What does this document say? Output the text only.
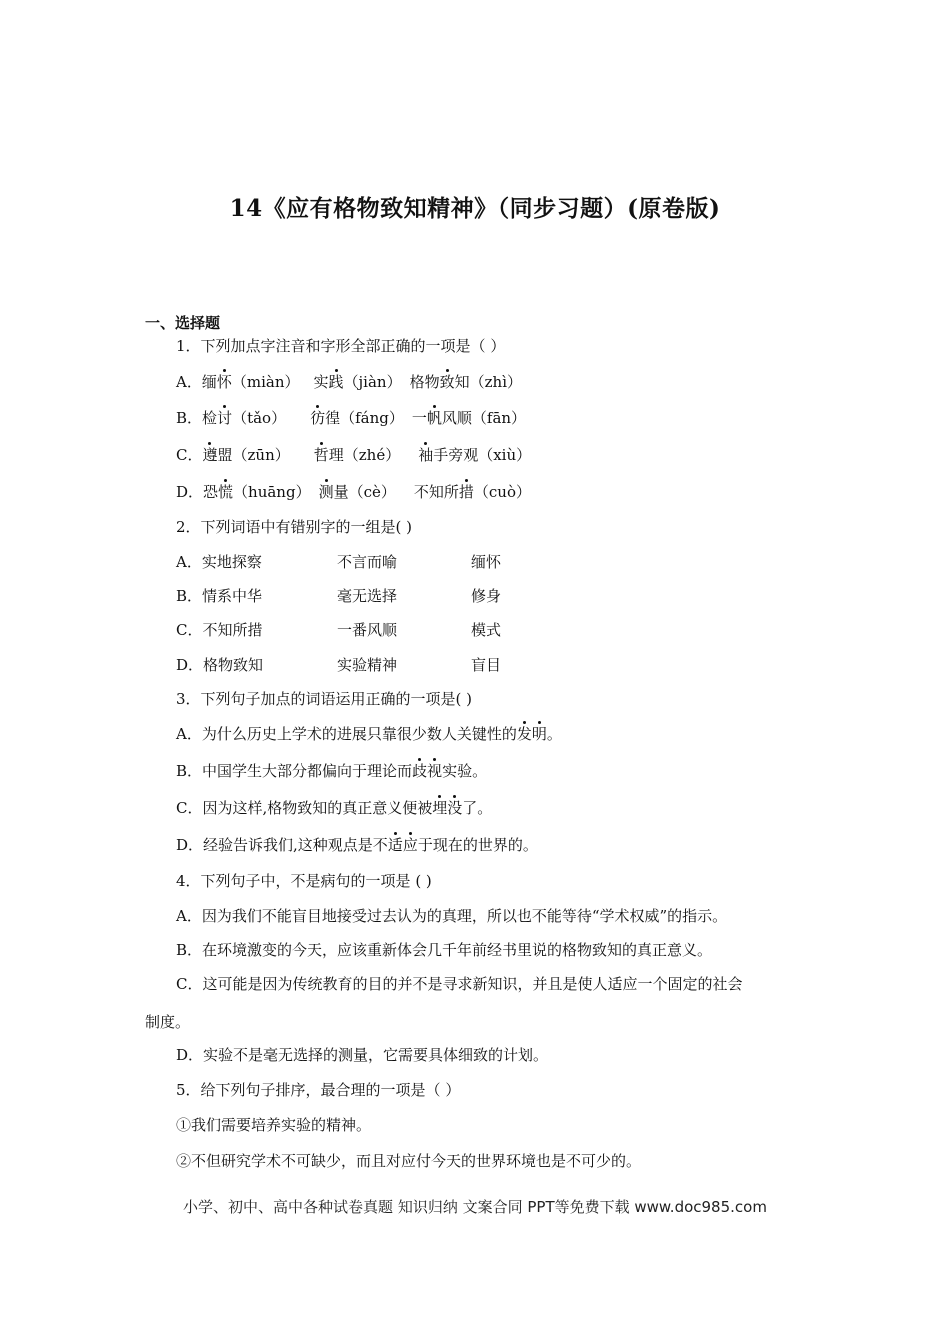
14《应有格物致知精神》（同步习题）(原卷版)
一、选择题
1．下列加点字注音和字形全部正确的一项是（ ）
A．缅怀（miàn） 实践（jiàn） 格物致知（zhì）
B．检讨（tǎo） 彷徨（fáng） 一帆风顺（fān）
C．遵盟（zūn） 哲理（zhé） 袖手旁观（xiù）
D．恐慌（huāng） 测量（cè） 不知所措（cuò）
2．下列词语中有错别字的一组是( )
A．实地探察	不言而喻	缅怀
B．情系中华	毫无选择	修身
C．不知所措	一番风顺	模式
D．格物致知	实验精神	盲目
3．下列句子加点的词语运用正确的一项是( )
A．为什么历史上学术的进展只靠很少数人关键性的发明。
B．中国学生大部分都偏向于理论而歧视实验。
C．因为这样,格物致知的真正意义便被埋没了。
D．经验告诉我们,这种观点是不适应于现在的世界的。
4．下列句子中，不是病句的一项是 ( )
A．因为我们不能盲目地接受过去认为的真理，所以也不能等待“学术权威”的指示。
B．在环境激变的今天，应该重新体会几千年前经书里说的格物致知的真正意义。
C．这可能是因为传统教育的目的并不是寻求新知识，并且是使人适应一个固定的社会
制度。
D．实验不是毫无选择的测量，它需要具体细致的计划。
5．给下列句子排序，最合理的一项是（ ）
①我们需要培养实验的精神。
②不但研究学术不可缺少，而且对应付今天的世界环境也是不可少的。
小学、初中、高中各种试卷真题 知识归纳 文案合同 PPT等免费下载 www.doc985.com
